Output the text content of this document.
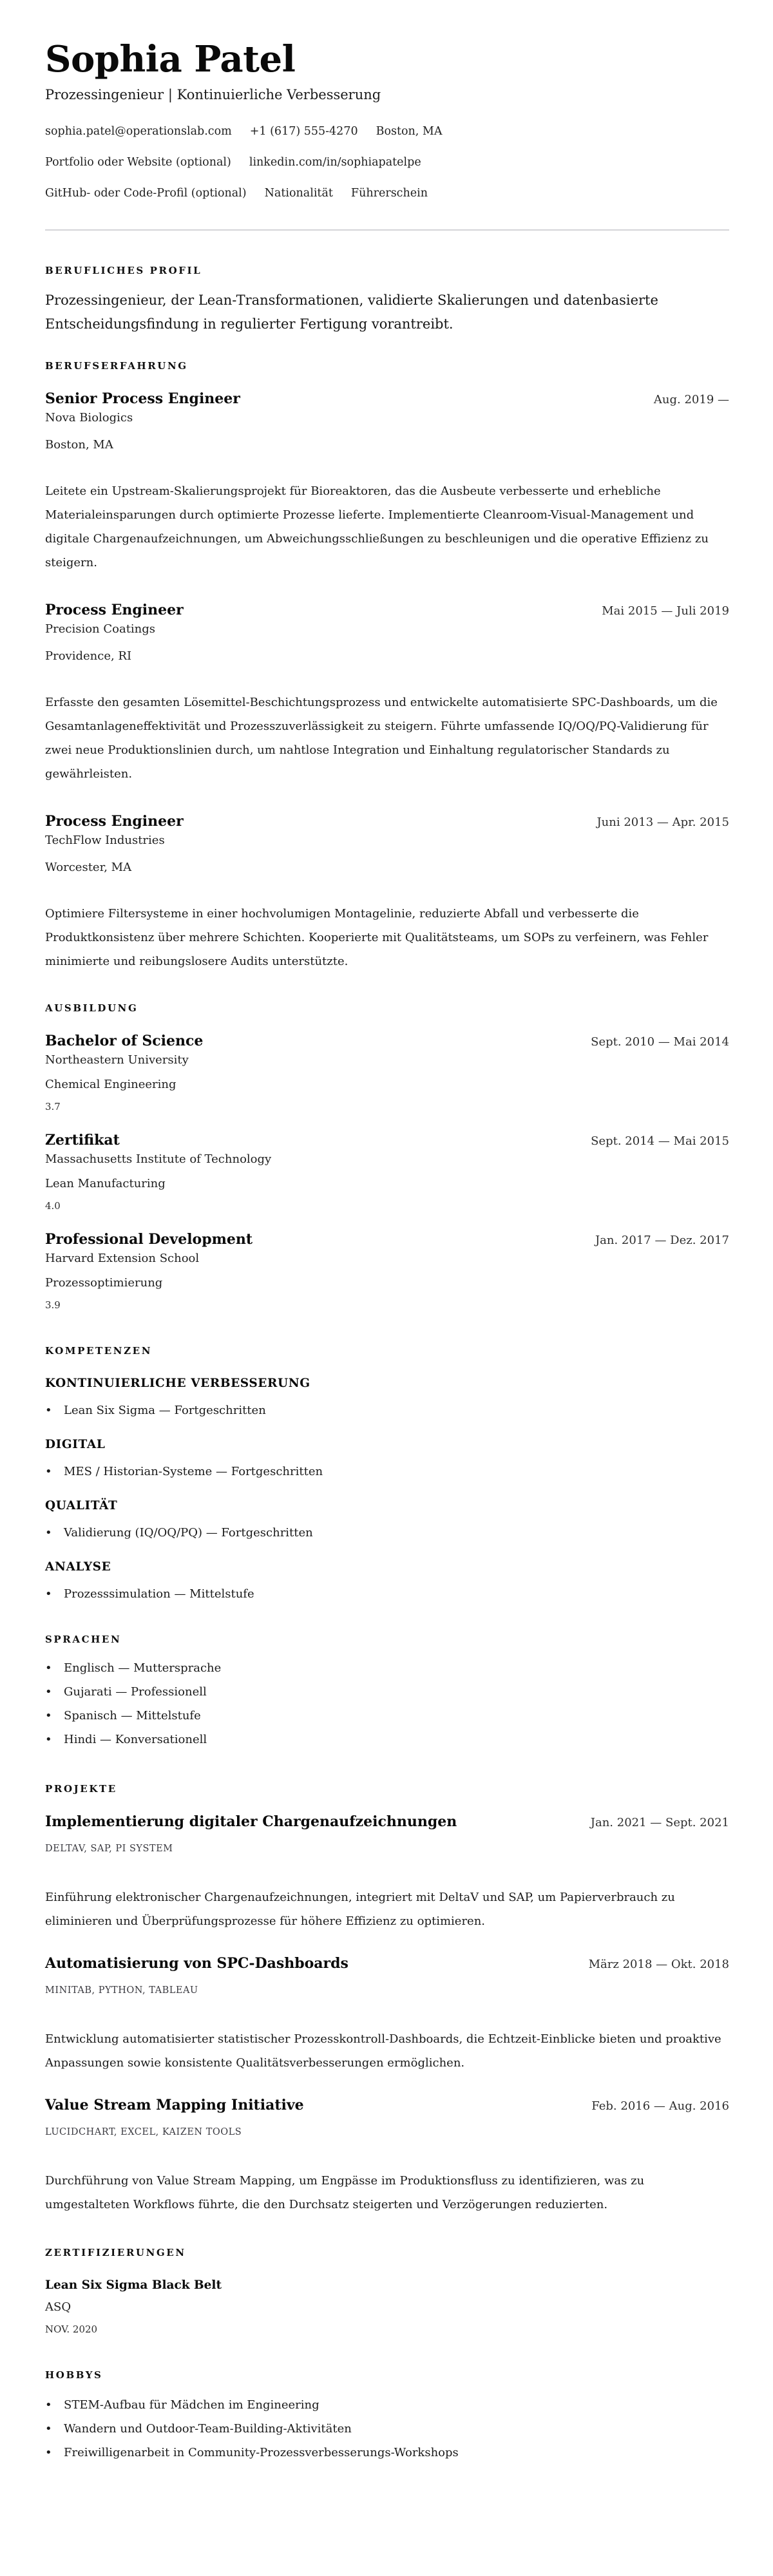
Sophia Patel
Prozessingenieur | Kontinuierliche Verbesserung
sophia.patel@operationslab.com +1 (617) 555-4270 Boston, MA
Portfolio oder Website (optional) linkedin.com/in/sophiapatelpe
GitHub- oder Code-Profil (optional) Nationalität Führerschein
BERUFLICHES PROFIL

Prozessingenieur, der Lean-Transformationen, validierte Skalierungen und datenbasierte Entscheidungsfindung in regulierter Fertigung vorantreibt.

BERUFSERFAHRUNG
Senior Process Engineer	Aug. 2019 —
Nova Biologics
Boston, MA

Leitete ein Upstream-Skalierungsprojekt für Bioreaktoren, das die Ausbeute verbesserte und erhebliche Materialeinsparungen durch optimierte Prozesse lieferte. Implementierte Cleanroom-Visual-Management und digitale Chargenaufzeichnungen, um Abweichungsschließungen zu beschleunigen und die operative Effizienz zu steigern.

Process Engineer	Mai 2015 — Juli 2019
Precision Coatings
Providence, RI

Erfasste den gesamten Lösemittel-Beschichtungsprozess und entwickelte automatisierte SPC-Dashboards, um die Gesamtanlageneffektivität und Prozesszuverlässigkeit zu steigern. Führte umfassende IQ/OQ/PQ-Validierung für zwei neue Produktionslinien durch, um nahtlose Integration und Einhaltung regulatorischer Standards zu gewährleisten.

Process Engineer	Juni 2013 — Apr. 2015
TechFlow Industries
Worcester, MA

Optimiere Filtersysteme in einer hochvolumigen Montagelinie, reduzierte Abfall und verbesserte die Produktkonsistenz über mehrere Schichten. Kooperierte mit Qualitätsteams, um SOPs zu verfeinern, was Fehler minimierte und reibungslosere Audits unterstützte.

AUSBILDUNG
Bachelor of Science	Sept. 2010 — Mai 2014
Northeastern University
Chemical Engineering
3.7
Zertifikat	Sept. 2014 — Mai 2015
Massachusetts Institute of Technology
Lean Manufacturing
4.0
Professional Development	Jan. 2017 — Dez. 2017
Harvard Extension School
Prozessoptimierung
3.9
KOMPETENZEN
KONTINUIERLICHE VERBESSERUNG
• Lean Six Sigma — Fortgeschritten
DIGITAL
• MES / Historian-Systeme — Fortgeschritten
QUALITÄT
• Validierung (IQ/OQ/PQ) — Fortgeschritten
ANALYSE
• Prozesssimulation — Mittelstufe
SPRACHEN
• Englisch — Muttersprache
• Gujarati — Professionell
• Spanisch — Mittelstufe
• Hindi — Konversationell
PROJEKTE
Implementierung digitaler Chargenaufzeichnungen	Jan. 2021 — Sept. 2021
DELTAV, SAP, PI SYSTEM

Einführung elektronischer Chargenaufzeichnungen, integriert mit DeltaV und SAP, um Papierverbrauch zu eliminieren und Überprüfungsprozesse für höhere Effizienz zu optimieren.

Automatisierung von SPC-Dashboards	März 2018 — Okt. 2018
MINITAB, PYTHON, TABLEAU

Entwicklung automatisierter statistischer Prozesskontroll-Dashboards, die Echtzeit-Einblicke bieten und proaktive Anpassungen sowie konsistente Qualitätsverbesserungen ermöglichen.

Value Stream Mapping Initiative	Feb. 2016 — Aug. 2016
LUCIDCHART, EXCEL, KAIZEN TOOLS

Durchführung von Value Stream Mapping, um Engpässe im Produktionsfluss zu identifizieren, was zu umgestalteten Workflows führte, die den Durchsatz steigerten und Verzögerungen reduzierten.

ZERTIFIZIERUNGEN
Lean Six Sigma Black Belt
ASQ
NOV. 2020
HOBBYS
• STEM-Aufbau für Mädchen im Engineering
• Wandern und Outdoor-Team-Building-Aktivitäten
• Freiwilligenarbeit in Community-Prozessverbesserungs-Workshops
